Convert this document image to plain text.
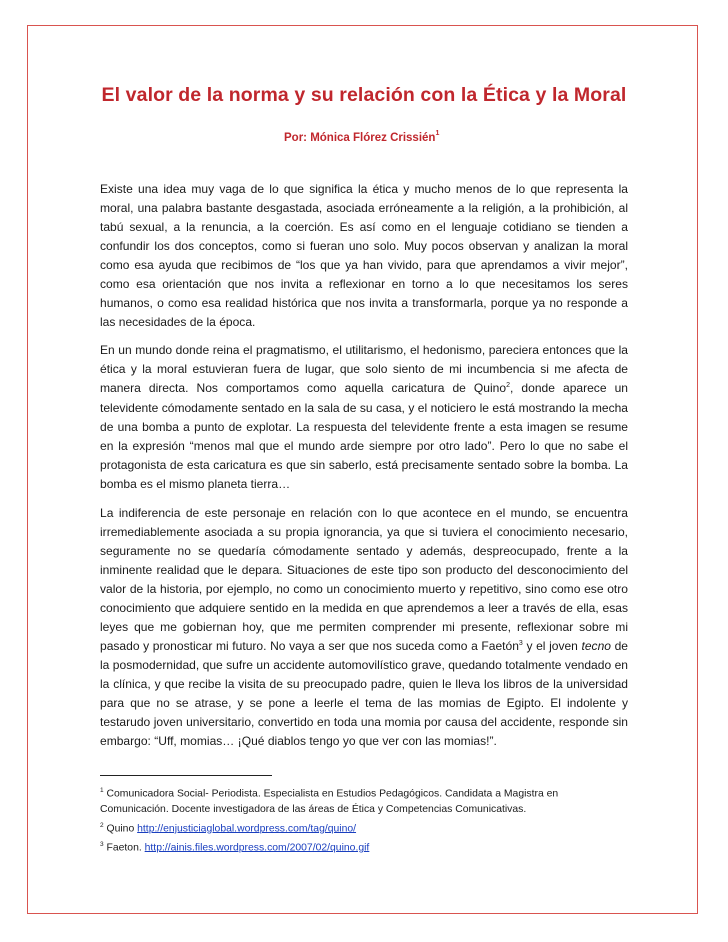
El valor de la norma y su relación con la Ética y la Moral
Por: Mónica Flórez Crissién$^1$

Existe una idea muy vaga de lo que significa la ética y mucho menos de lo que representa la moral, una palabra bastante desgastada, asociada erróneamente a la religión, a la prohibición, al tabú sexual, a la renuncia, a la coerción. Es así como en el lenguaje cotidiano se tienden a confundir los dos conceptos, como si fueran uno solo. Muy pocos observan y analizan la moral como esa ayuda que recibimos de “los que ya han vivido, para que aprendamos a vivir mejor”, como esa orientación que nos invita a reflexionar en torno a lo que necesitamos los seres humanos, o como esa realidad histórica que nos invita a transformarla, porque ya no responde a las necesidades de la época.

En un mundo donde reina el pragmatismo, el utilitarismo, el hedonismo, pareciera entonces que la ética y la moral estuvieran fuera de lugar, que solo siento de mi incumbencia si me afecta de manera directa. Nos comportamos como aquella caricatura de Quino$^2$, donde aparece un televidente cómodamente sentado en la sala de su casa, y el noticiero le está mostrando la mecha de una bomba a punto de explotar. La respuesta del televidente frente a esta imagen se resume en la expresión “menos mal que el mundo arde siempre por otro lado”. Pero lo que no sabe el protagonista de esta caricatura es que sin saberlo, está precisamente sentado sobre la bomba. La bomba es el mismo planeta tierra…

La indiferencia de este personaje en relación con lo que acontece en el mundo, se encuentra irremediablemente asociada a su propia ignorancia, ya que si tuviera el conocimiento necesario, seguramente no se quedaría cómodamente sentado y además, despreocupado, frente a la inminente realidad que le depara. Situaciones de este tipo son producto del desconocimiento del valor de la historia, por ejemplo, no como un conocimiento muerto y repetitivo, sino como ese otro conocimiento que adquiere sentido en la medida en que aprendemos a leer a través de ella, esas leyes que me gobiernan hoy, que me permiten comprender mi presente, reflexionar sobre mi pasado y pronosticar mi futuro. No vaya a ser que nos suceda como a Faetón$^3$ y el joven tecno de la posmodernidad, que sufre un accidente automovilístico grave, quedando totalmente vendado en la clínica, y que recibe la visita de su preocupado padre, quien le lleva los libros de la universidad para que no se atrase, y se pone a leerle el tema de las momias de Egipto. El indolente y testarudo joven universitario, convertido en toda una momia por causa del accidente, responde sin embargo: “Uff, momias… ¡Qué diablos tengo yo que ver con las momias!”.

$^1$ Comunicadora Social- Periodista. Especialista en Estudios Pedagógicos. Candidata a Magistra en Comunicación. Docente investigadora de las áreas de Ética y Competencias Comunicativas.
$^2$ Quino http://enjusticiaglobal.wordpress.com/tag/quino/
$^3$ Faeton. http://ainis.files.wordpress.com/2007/02/quino.gif
